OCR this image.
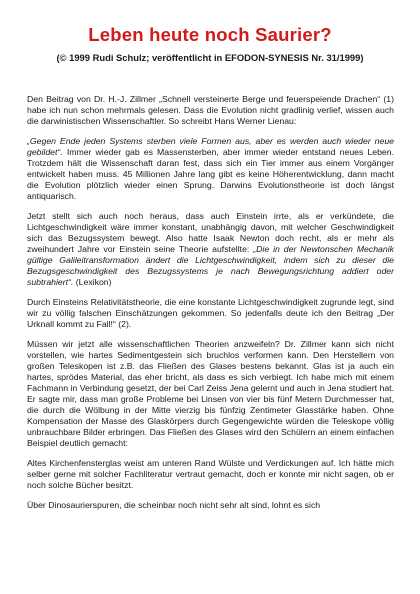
Leben heute noch Saurier?
(© 1999 Rudi Schulz; veröffentlicht in EFODON-SYNESIS Nr. 31/1999)

Den Beitrag von Dr. H.-J. Zillmer „Schnell versteinerte Berge und feuerspeiende Drachen“ (1) habe ich nun schon mehrmals gelesen. Dass die Evolution nicht gradlinig verlief, wissen auch die darwinistischen Wissenschaftler. So schreibt Hans Werner Lienau:

„Gegen Ende jeden Systems sterben viele Formen aus, aber es werden auch wieder neue gebildet“. Immer wieder gab es Massensterben, aber immer wieder entstand neues Leben. Trotzdem hält die Wissenschaft daran fest, dass sich ein Tier immer aus einem Vorgänger entwickelt haben muss. 45 Millionen Jahre lang gibt es keine Höherentwicklung, dann macht die Evolution plötzlich wieder einen Sprung. Darwins Evolutionstheorie ist doch längst antiquarisch.

Jetzt stellt sich auch noch heraus, dass auch Einstein irrte, als er verkündete, die Lichtgeschwindigkeit wäre immer konstant, unabhängig davon, mit welcher Geschwindigkeit sich das Bezugssystem bewegt. Also hatte Isaak Newton doch recht, als er mehr als zweihundert Jahre vor Einstein seine Theorie aufstellte: „Die in der Newtonschen Mechanik gültige Galileitransformation ändert die Lichtgeschwindigkeit, indem sich zu dieser die Bezugsgeschwindigkeit des Bezugssystems je nach Bewegungsrichtung addiert oder subtrahiert“. (Lexikon)

Durch Einsteins Relativitätstheorie, die eine konstante Lichtgeschwindigkeit zugrunde legt, sind wir zu völlig falschen Einschätzungen gekommen. So jedenfalls deute ich den Beitrag „Der Urknall kommt zu Fall!“ (2).

Müssen wir jetzt alle wissenschaftlichen Theorien anzweifeln? Dr. Zillmer kann sich nicht vorstellen, wie hartes Sedimentgestein sich bruchlos verformen kann. Den Herstellern von großen Teleskopen ist z.B. das Fließen des Glases bestens bekannt. Glas ist ja auch ein hartes, sprödes Material, das eher bricht, als dass es sich verbiegt. Ich habe mich mit einem Fachmann in Verbindung gesetzt, der bei Carl Zeiss Jena gelernt und auch in Jena studiert hat. Er sagte mir, dass man große Probleme bei Linsen von vier bis fünf Metern Durchmesser hat, die durch die Wölbung in der Mitte vierzig bis fünfzig Zentimeter Glasstärke haben. Ohne Kompensation der Masse des Glaskörpers durch Gegengewichte würden die Teleskope völlig unbrauchbare Bilder erbringen. Das Fließen des Glases wird den Schülern an einem einfachen Beispiel deutlich gemacht:

Altes Kirchenfensterglas weist am unteren Rand Wülste und Verdickungen auf. Ich hätte mich selber gerne mit solcher Fachliteratur vertraut gemacht, doch er konnte mir nicht sagen, ob er noch solche Bücher besitzt.

Über Dinosaurierspuren, die scheinbar noch nicht sehr alt sind, lohnt es sich
